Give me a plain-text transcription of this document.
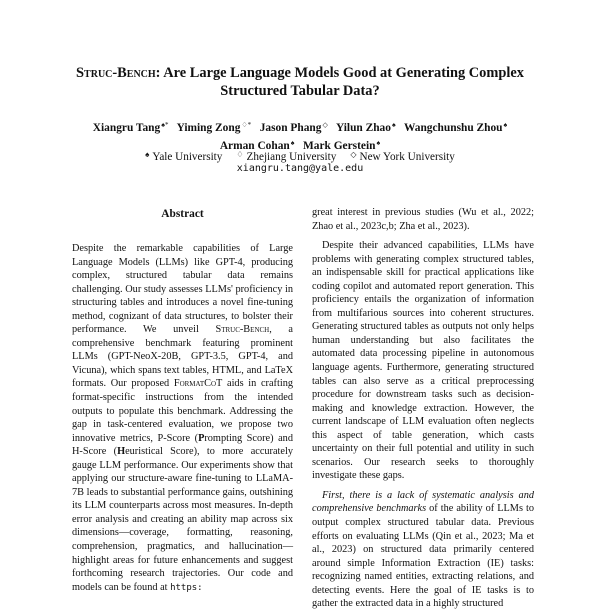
Struc-Bench: Are Large Language Models Good at Generating Complex Structured Tabular Data?
Xiangru Tang♠* Yiming Zong♢* Jason Phang◇ Yilun Zhao♠ Wangchunshu Zhou♠
Arman Cohan♠ Mark Gerstein♠
♠ Yale University ♢ Zhejiang University ◇ New York University
xiangru.tang@yale.edu
Abstract
Despite the remarkable capabilities of Large Language Models (LLMs) like GPT-4, producing complex, structured tabular data remains challenging. Our study assesses LLMs' proficiency in structuring tables and introduces a novel fine-tuning method, cognizant of data structures, to bolster their performance. We unveil Struc-Bench, a comprehensive benchmark featuring prominent LLMs (GPT-NeoX-20B, GPT-3.5, GPT-4, and Vicuna), which spans text tables, HTML, and LaTeX formats. Our proposed FormatCoT aids in crafting format-specific instructions from the intended outputs to populate this benchmark. Addressing the gap in task-centered evaluation, we propose two innovative metrics, P-Score (Prompting Score) and H-Score (Heuristical Score), to more accurately gauge LLM performance. Our experiments show that applying our structure-aware fine-tuning to LLaMA-7B leads to substantial performance gains, outshining its LLM counterparts across most measures. In-depth error analysis and creating an ability map across six dimensions—coverage, formatting, reasoning, comprehension, pragmatics, and hallucination—highlight areas for future enhancements and suggest forthcoming research trajectories. Our code and models can be found at https:

great interest in previous studies (Wu et al., 2022; Zhao et al., 2023c,b; Zha et al., 2023).

Despite their advanced capabilities, LLMs have problems with generating complex structured tables, an indispensable skill for practical applications like coding copilot and automated report generation. This proficiency entails the organization of information from multifarious sources into coherent structures. Generating structured tables as outputs not only helps human understanding but also facilitates the automated data processing pipeline in autonomous language agents. Furthermore, generating structured tables can also serve as a critical preprocessing procedure for downstream tasks such as decision-making and knowledge extraction. However, the current landscape of LLM evaluation often neglects this aspect of table generation, which casts uncertainty on their full potential and utility in such scenarios. Our research seeks to thoroughly investigate these gaps.

First, there is a lack of systematic analysis and comprehensive benchmarks of the ability of LLMs to output complex structured tabular data. Previous efforts on evaluating LLMs (Qin et al., 2023; Ma et al., 2023) on structured data primarily centered around simple Information Extraction (IE) tasks: recognizing named entities, extracting relations, and detecting events. Here the goal of IE tasks is to gather the extracted data in a highly structured
